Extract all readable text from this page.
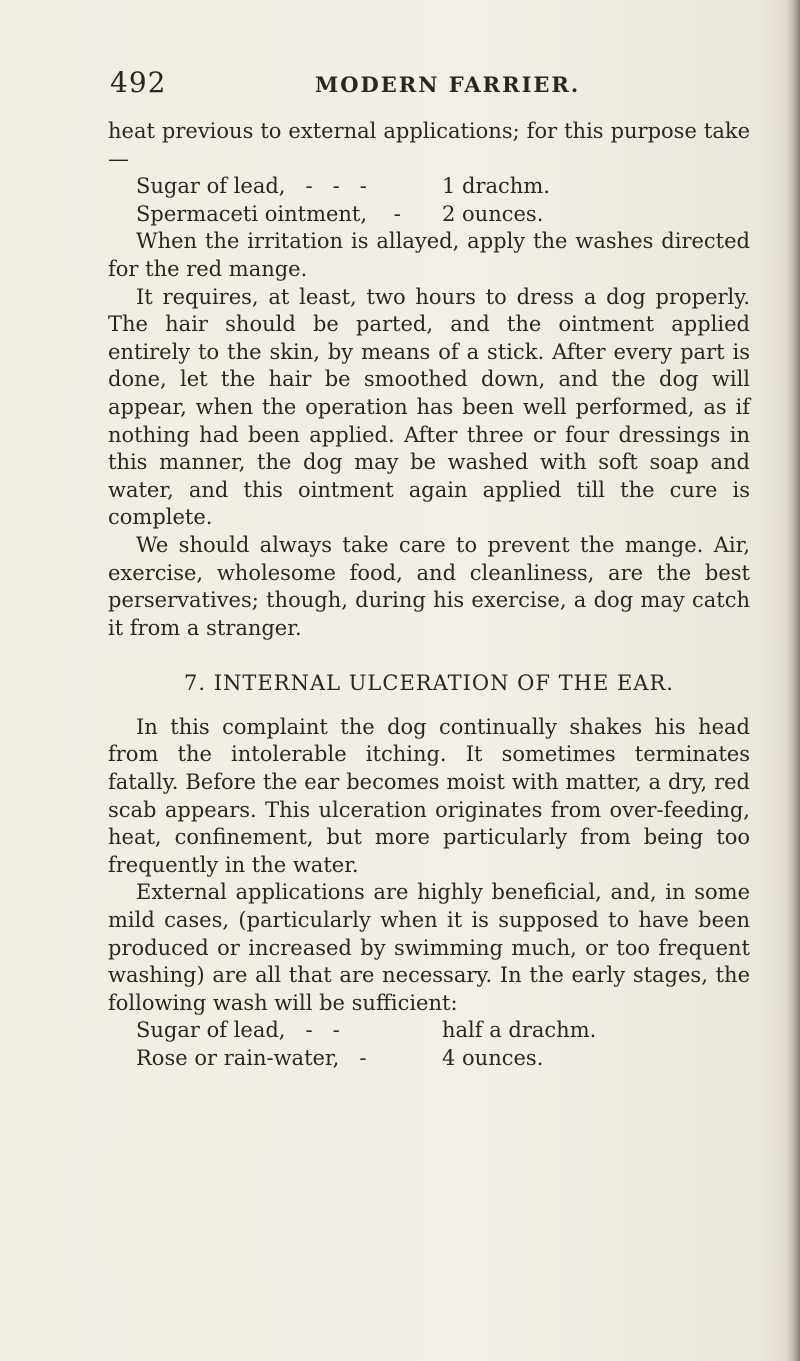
492	MODERN FARRIER.

heat previous to external applications; for this purpose take—

Sugar of lead,   -   -   -	1 drachm.
Spermaceti ointment,    - 2 ounces.

When the irritation is allayed, apply the washes directed for the red mange.

It requires, at least, two hours to dress a dog properly. The hair should be parted, and the ointment applied entirely to the skin, by means of a stick. After every part is done, let the hair be smoothed down, and the dog will appear, when the operation has been well performed, as if nothing had been applied. After three or four dressings in this manner, the dog may be washed with soft soap and water, and this ointment again applied till the cure is complete.

We should always take care to prevent the mange. Air, exercise, wholesome food, and cleanliness, are the best perservatives; though, during his exercise, a dog may catch it from a stranger.

7. INTERNAL ULCERATION OF THE EAR.

In this complaint the dog continually shakes his head from the intolerable itching. It sometimes terminates fatally. Before the ear becomes moist with matter, a dry, red scab appears. This ulceration originates from over-feeding, heat, confinement, but more particularly from being too frequently in the water.

External applications are highly beneficial, and, in some mild cases, (particularly when it is supposed to have been produced or increased by swimming much, or too frequent washing) are all that are necessary. In the early stages, the following wash will be sufficient:

Sugar of lead,   -   -	half a drachm.
Rose or rain-water,   -	4 ounces.
